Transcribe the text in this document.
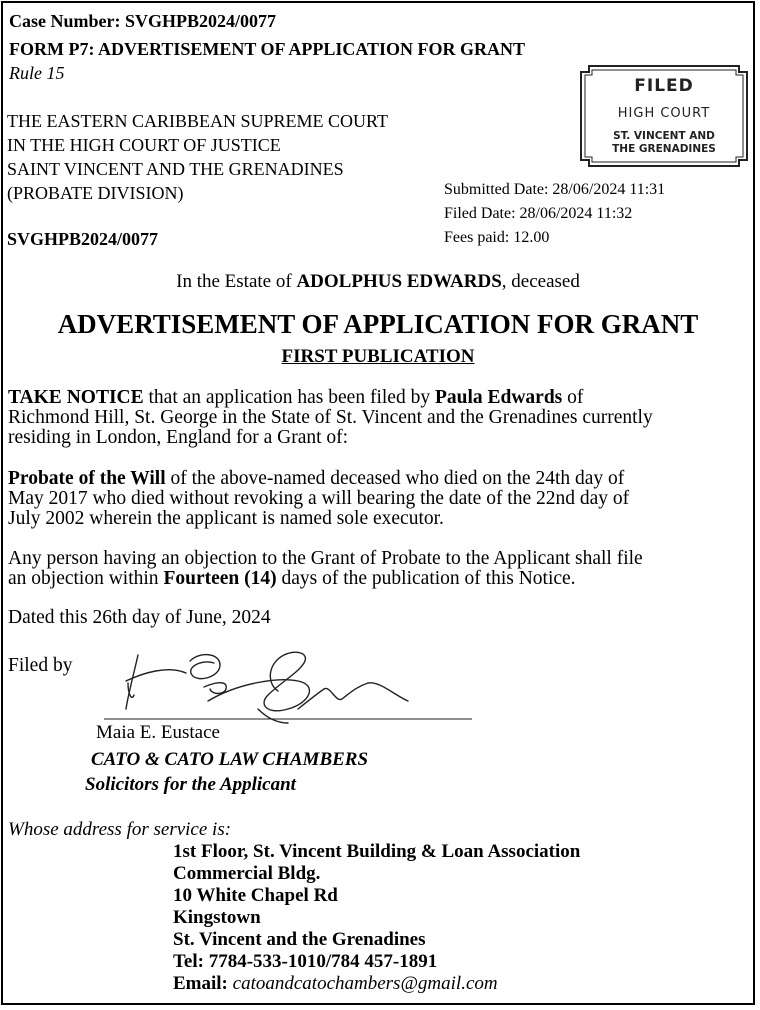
Case Number: SVGHPB2024/0077
FORM P7: ADVERTISEMENT OF APPLICATION FOR GRANT
Rule 15
THE EASTERN CARIBBEAN SUPREME COURT
IN THE HIGH COURT OF JUSTICE
SAINT VINCENT AND THE GRENADINES
(PROBATE DIVISION)
SVGHPB2024/0077
FILED
HIGH COURT
ST. VINCENT AND
THE GRENADINES
Submitted Date: 28/06/2024 11:31
Filed Date: 28/06/2024 11:32
Fees paid: 12.00
In the Estate of ADOLPHUS EDWARDS, deceased
ADVERTISEMENT OF APPLICATION FOR GRANT
FIRST PUBLICATION
TAKE NOTICE that an application has been filed by Paula Edwards of
Richmond Hill, St. George in the State of St. Vincent and the Grenadines currently
residing in London, England for a Grant of:
Probate of the Will of the above-named deceased who died on the 24th day of
May 2017 who died without revoking a will bearing the date of the 22nd day of
July 2002 wherein the applicant is named sole executor.
Any person having an objection to the Grant of Probate to the Applicant shall file
an objection within Fourteen (14) days of the publication of this Notice.
Dated this 26th day of June, 2024
Filed by
Maia E. Eustace
CATO & CATO LAW CHAMBERS
Solicitors for the Applicant
Whose address for service is:
1st Floor, St. Vincent Building & Loan Association
Commercial Bldg.
10 White Chapel Rd
Kingstown
St. Vincent and the Grenadines
Tel: 7784-533-1010/784 457-1891
Email: catoandcatochambers@gmail.com
